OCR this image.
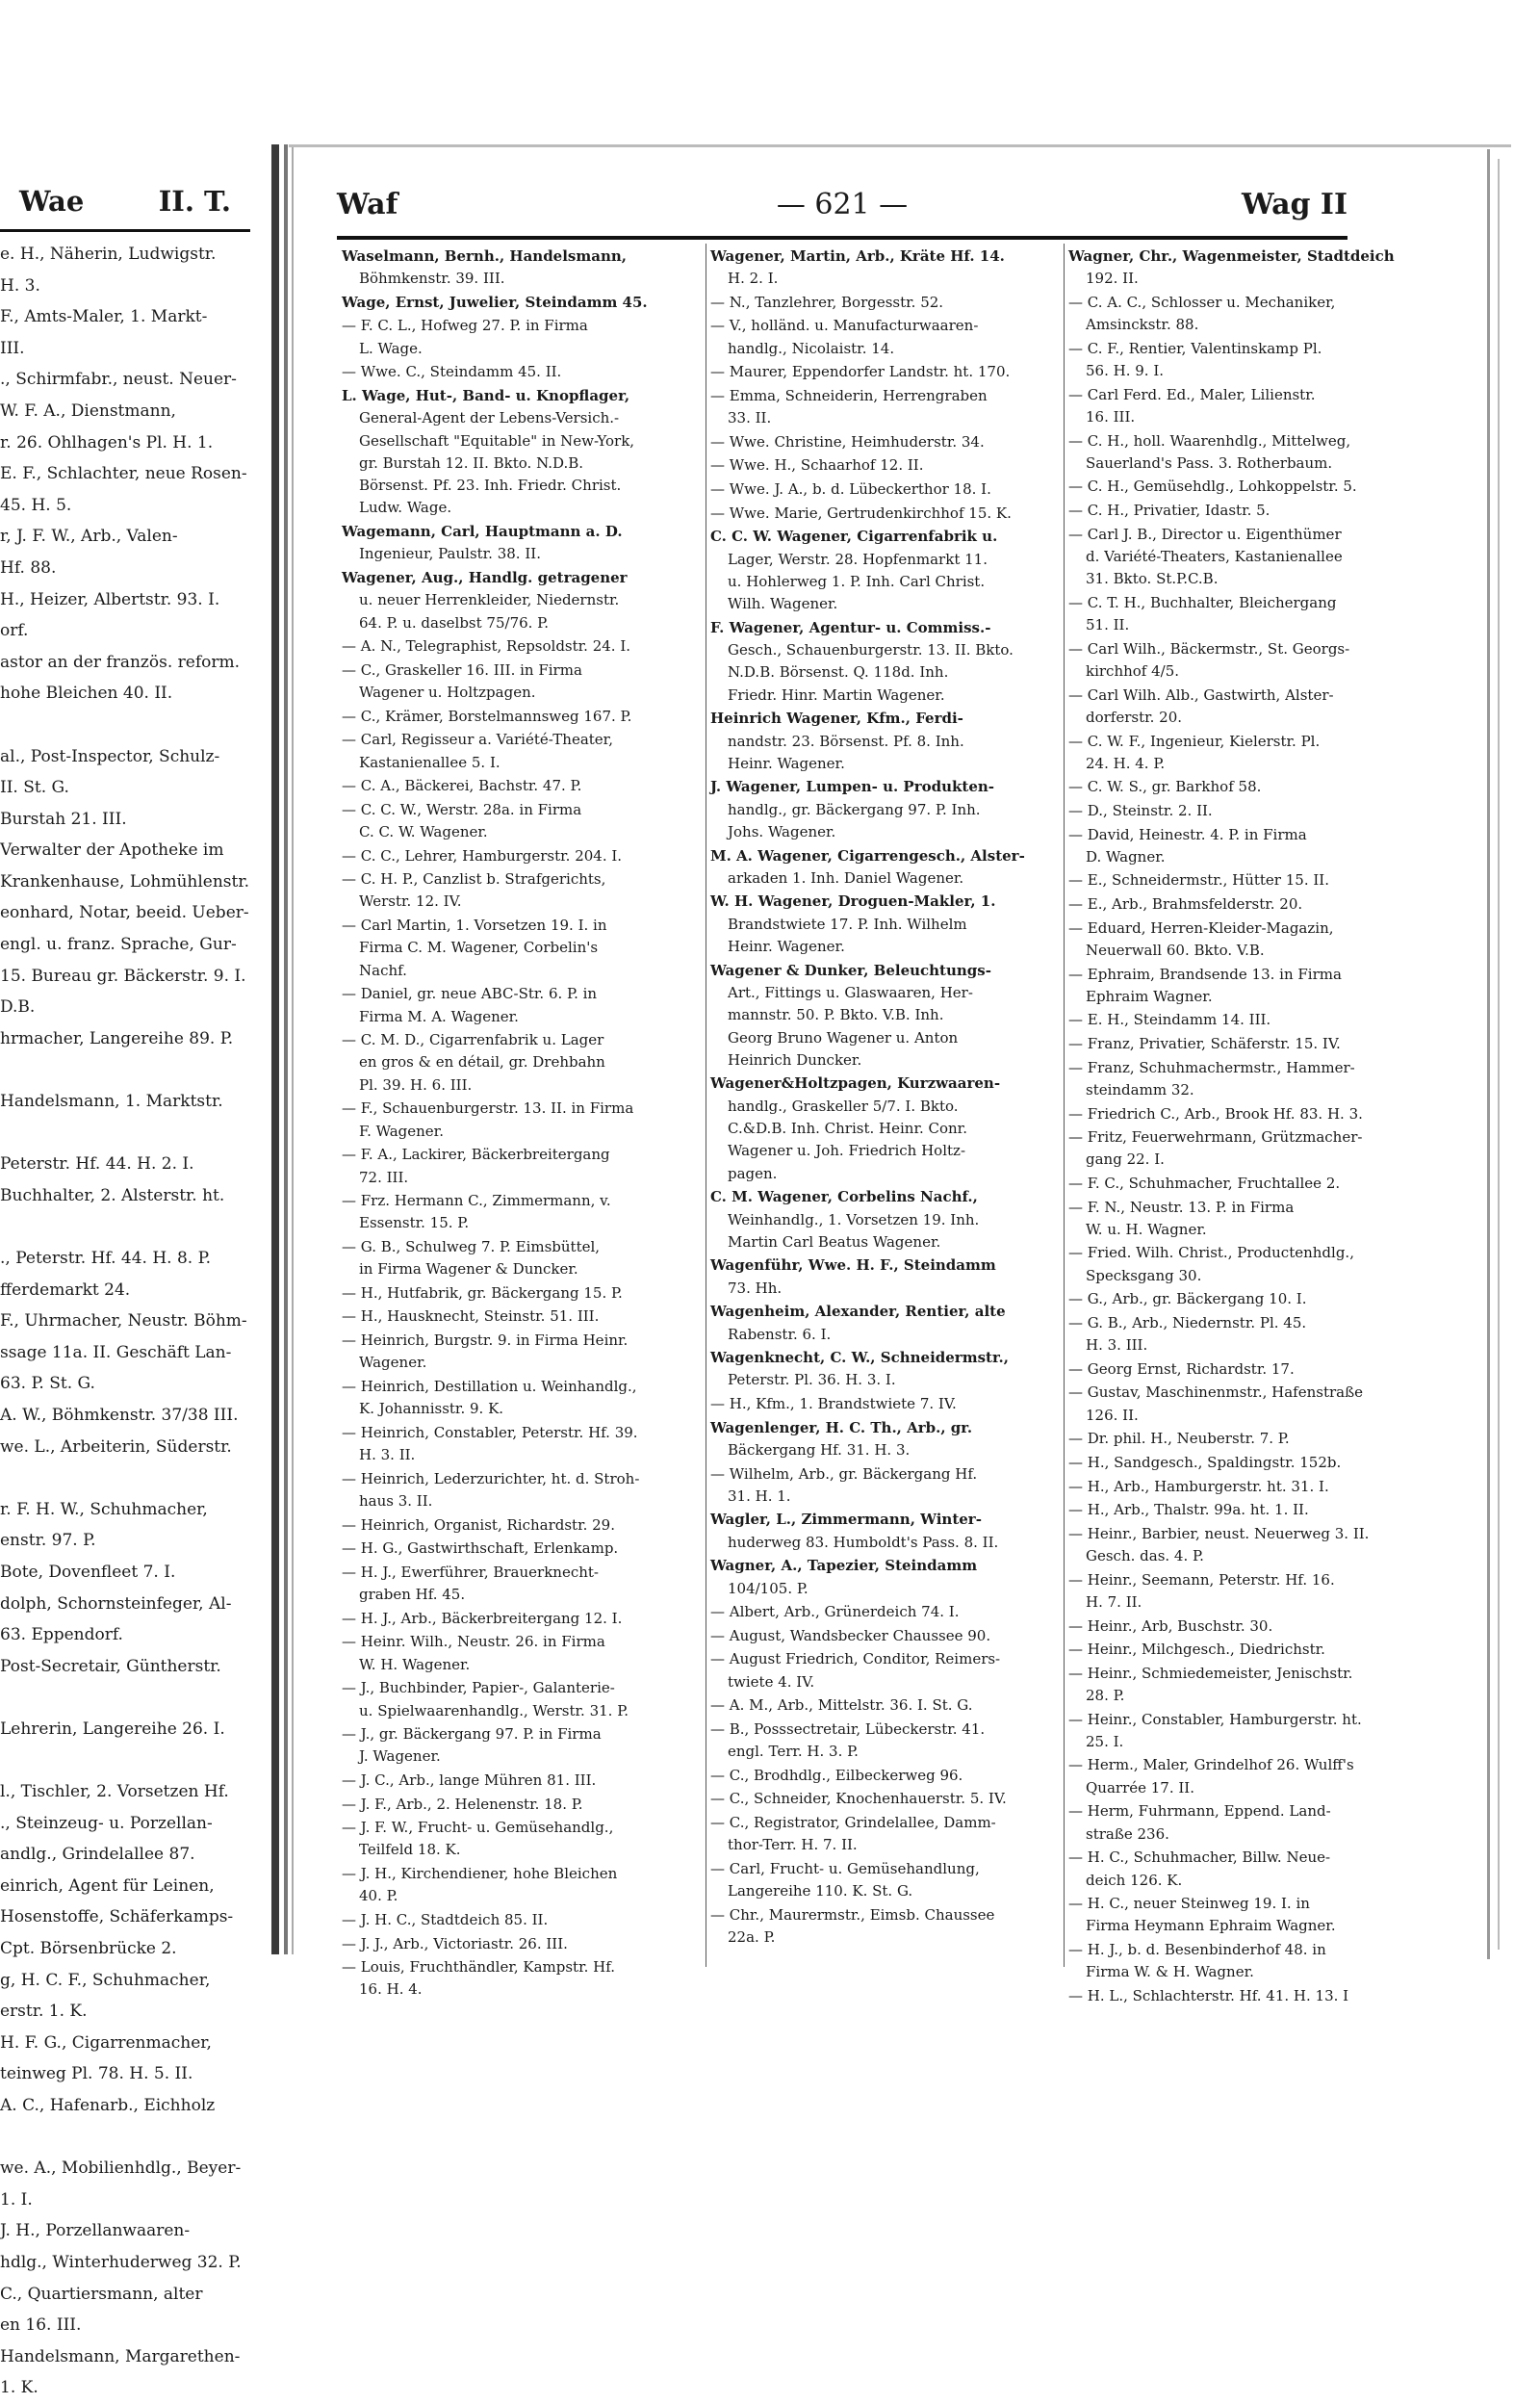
Wae	II. T.
e. H., Näherin, Ludwigstr.
H. 3.
F., Amts-Maler, 1. Markt-
III.
., Schirmfabr., neust. Neuer-
W. F. A., Dienstmann,
r. 26. Ohlhagen's Pl. H. 1.
E. F., Schlachter, neue Rosen-
45. H. 5.
r, J. F. W., Arb., Valen-
Hf. 88.
H., Heizer, Albertstr. 93. I.
orf.
astor an der französ. reform.
hohe Bleichen 40. II.
al., Post-Inspector, Schulz-
II. St. G.
Burstah 21. III.
Verwalter der Apotheke im
Krankenhause, Lohmühlenstr.
eonhard, Notar, beeid. Ueber-
engl. u. franz. Sprache, Gur-
15. Bureau gr. Bäckerstr. 9. I.
D.B.
hrmacher, Langereihe 89. P.
Handelsmann, 1. Marktstr.
Peterstr. Hf. 44. H. 2. I.
Buchhalter, 2. Alsterstr. ht.
., Peterstr. Hf. 44. H. 8. P.
fferdemarkt 24.
F., Uhrmacher, Neustr. Böhm-
ssage 11a. II. Geschäft Lan-
63. P. St. G.
A. W., Böhmkenstr. 37/38 III.
we. L., Arbeiterin, Süderstr.
r. F. H. W., Schuhmacher,
enstr. 97. P.
Bote, Dovenfleet 7. I.
dolph, Schornsteinfeger, Al-
63. Eppendorf.
Post-Secretair, Güntherstr.
Lehrerin, Langereihe 26. I.
l., Tischler, 2. Vorsetzen Hf.
., Steinzeug- u. Porzellan-
andlg., Grindelallee 87.
einrich, Agent für Leinen,
Hosenstoffe, Schäferkamps-
Cpt. Börsenbrücke 2.
g, H. C. F., Schuhmacher,
erstr. 1. K.
H. F. G., Cigarrenmacher,
teinweg Pl. 78. H. 5. II.
A. C., Hafenarb., Eichholz
we. A., Mobilienhdlg., Beyer-
1. I.
J. H., Porzellanwaaren-
hdlg., Winterhuderweg 32. P.
C., Quartiersmann, alter
en 16. III.
Handelsmann, Margarethen-
1. K.
Waf	— 621 —	Wag II
Waselmann, Bernh., Handelsmann,
Böhmkenstr. 39. III.
Wage, Ernst, Juwelier, Steindamm 45.
— F. C. L., Hofweg 27. P. in Firma
L. Wage.
— Wwe. C., Steindamm 45. II.
L. Wage, Hut-, Band- u. Knopflager,
General-Agent der Lebens-Versich.-
Gesellschaft "Equitable" in New-York,
gr. Burstah 12. II. Bkto. N.D.B.
Börsenst. Pf. 23. Inh. Friedr. Christ.
Ludw. Wage.
Wagemann, Carl, Hauptmann a. D.
Ingenieur, Paulstr. 38. II.
Wagener, Aug., Handlg. getragener
u. neuer Herrenkleider, Niedernstr.
64. P. u. daselbst 75/76. P.
— A. N., Telegraphist, Repsoldstr. 24. I.
— C., Graskeller 16. III. in Firma
Wagener u. Holtzpagen.
— C., Krämer, Borstelmannsweg 167. P.
— Carl, Regisseur a. Variété-Theater,
Kastanienallee 5. I.
— C. A., Bäckerei, Bachstr. 47. P.
— C. C. W., Werstr. 28a. in Firma
C. C. W. Wagener.
— C. C., Lehrer, Hamburgerstr. 204. I.
— C. H. P., Canzlist b. Strafgerichts,
Werstr. 12. IV.
— Carl Martin, 1. Vorsetzen 19. I. in
Firma C. M. Wagener, Corbelin's
Nachf.
— Daniel, gr. neue ABC-Str. 6. P. in
Firma M. A. Wagener.
— C. M. D., Cigarrenfabrik u. Lager
en gros & en détail, gr. Drehbahn
Pl. 39. H. 6. III.
— F., Schauenburgerstr. 13. II. in Firma
F. Wagener.
— F. A., Lackirer, Bäckerbreitergang
72. III.
— Frz. Hermann C., Zimmermann, v.
Essenstr. 15. P.
— G. B., Schulweg 7. P. Eimsbüttel,
in Firma Wagener & Duncker.
— H., Hutfabrik, gr. Bäckergang 15. P.
— H., Hausknecht, Steinstr. 51. III.
— Heinrich, Burgstr. 9. in Firma Heinr.
Wagener.
— Heinrich, Destillation u. Weinhandlg.,
K. Johannisstr. 9. K.
— Heinrich, Constabler, Peterstr. Hf. 39.
H. 3. II.
— Heinrich, Lederzurichter, ht. d. Stroh-
haus 3. II.
— Heinrich, Organist, Richardstr. 29.
— H. G., Gastwirthschaft, Erlenkamp.
— H. J., Ewerführer, Brauerknecht-
graben Hf. 45.
— H. J., Arb., Bäckerbreitergang 12. I.
— Heinr. Wilh., Neustr. 26. in Firma
W. H. Wagener.
— J., Buchbinder, Papier-, Galanterie-
u. Spielwaarenhandlg., Werstr. 31. P.
— J., gr. Bäckergang 97. P. in Firma
J. Wagener.
— J. C., Arb., lange Mühren 81. III.
— J. F., Arb., 2. Helenenstr. 18. P.
— J. F. W., Frucht- u. Gemüsehandlg.,
Teilfeld 18. K.
— J. H., Kirchendiener, hohe Bleichen
40. P.
— J. H. C., Stadtdeich 85. II.
— J. J., Arb., Victoriastr. 26. III.
— Louis, Fruchthändler, Kampstr. Hf.
16. H. 4.
Wagener, Martin, Arb., Kräte Hf. 14.
H. 2. I.
— N., Tanzlehrer, Borgesstr. 52.
— V., holländ. u. Manufacturwaaren-
handlg., Nicolaistr. 14.
— Maurer, Eppendorfer Landstr. ht. 170.
— Emma, Schneiderin, Herrengraben
33. II.
— Wwe. Christine, Heimhuderstr. 34.
— Wwe. H., Schaarhof 12. II.
— Wwe. J. A., b. d. Lübeckerthor 18. I.
— Wwe. Marie, Gertrudenkirchhof 15. K.
C. C. W. Wagener, Cigarrenfabrik u.
Lager, Werstr. 28. Hopfenmarkt 11.
u. Hohlerweg 1. P. Inh. Carl Christ.
Wilh. Wagener.
F. Wagener, Agentur- u. Commiss.-
Gesch., Schauenburgerstr. 13. II. Bkto.
N.D.B. Börsenst. Q. 118d. Inh.
Friedr. Hinr. Martin Wagener.
Heinrich Wagener, Kfm., Ferdi-
nandstr. 23. Börsenst. Pf. 8. Inh.
Heinr. Wagener.
J. Wagener, Lumpen- u. Produkten-
handlg., gr. Bäckergang 97. P. Inh.
Johs. Wagener.
M. A. Wagener, Cigarrengesch., Alster-
arkaden 1. Inh. Daniel Wagener.
W. H. Wagener, Droguen-Makler, 1.
Brandstwiete 17. P. Inh. Wilhelm
Heinr. Wagener.
Wagener & Dunker, Beleuchtungs-
Art., Fittings u. Glaswaaren, Her-
mannstr. 50. P. Bkto. V.B. Inh.
Georg Bruno Wagener u. Anton
Heinrich Duncker.
Wagener&Holtzpagen, Kurzwaaren-
handlg., Graskeller 5/7. I. Bkto.
C.&D.B. Inh. Christ. Heinr. Conr.
Wagener u. Joh. Friedrich Holtz-
pagen.
C. M. Wagener, Corbelins Nachf.,
Weinhandlg., 1. Vorsetzen 19. Inh.
Martin Carl Beatus Wagener.
Wagenführ, Wwe. H. F., Steindamm
73. Hh.
Wagenheim, Alexander, Rentier, alte
Rabenstr. 6. I.
Wagenknecht, C. W., Schneidermstr.,
Peterstr. Pl. 36. H. 3. I.
— H., Kfm., 1. Brandstwiete 7. IV.
Wagenlenger, H. C. Th., Arb., gr.
Bäckergang Hf. 31. H. 3.
— Wilhelm, Arb., gr. Bäckergang Hf.
31. H. 1.
Wagler, L., Zimmermann, Winter-
huderweg 83. Humboldt's Pass. 8. II.
Wagner, A., Tapezier, Steindamm
104/105. P.
— Albert, Arb., Grünerdeich 74. I.
— August, Wandsbecker Chaussee 90.
— August Friedrich, Conditor, Reimers-
twiete 4. IV.
— A. M., Arb., Mittelstr. 36. I. St. G.
— B., Posssectretair, Lübeckerstr. 41.
engl. Terr. H. 3. P.
— C., Brodhdlg., Eilbeckerweg 96.
— C., Schneider, Knochenhauerstr. 5. IV.
— C., Registrator, Grindelallee, Damm-
thor-Terr. H. 7. II.
— Carl, Frucht- u. Gemüsehandlung,
Langereihe 110. K. St. G.
— Chr., Maurermstr., Eimsb. Chaussee
22a. P.
Wagner, Chr., Wagenmeister, Stadtdeich
192. II.
— C. A. C., Schlosser u. Mechaniker,
Amsinckstr. 88.
— C. F., Rentier, Valentinskamp Pl.
56. H. 9. I.
— Carl Ferd. Ed., Maler, Lilienstr.
16. III.
— C. H., holl. Waarenhdlg., Mittelweg,
Sauerland's Pass. 3. Rotherbaum.
— C. H., Gemüsehdlg., Lohkoppelstr. 5.
— C. H., Privatier, Idastr. 5.
— Carl J. B., Director u. Eigenthümer
d. Variété-Theaters, Kastanienallee
31. Bkto. St.P.C.B.
— C. T. H., Buchhalter, Bleichergang
51. II.
— Carl Wilh., Bäckermstr., St. Georgs-
kirchhof 4/5.
— Carl Wilh. Alb., Gastwirth, Alster-
dorferstr. 20.
— C. W. F., Ingenieur, Kielerstr. Pl.
24. H. 4. P.
— C. W. S., gr. Barkhof 58.
— D., Steinstr. 2. II.
— David, Heinestr. 4. P. in Firma
D. Wagner.
— E., Schneidermstr., Hütter 15. II.
— E., Arb., Brahmsfelderstr. 20.
— Eduard, Herren-Kleider-Magazin,
Neuerwall 60. Bkto. V.B.
— Ephraim, Brandsende 13. in Firma
Ephraim Wagner.
— E. H., Steindamm 14. III.
— Franz, Privatier, Schäferstr. 15. IV.
— Franz, Schuhmachermstr., Hammer-
steindamm 32.
— Friedrich C., Arb., Brook Hf. 83. H. 3.
— Fritz, Feuerwehrmann, Grützmacher-
gang 22. I.
— F. C., Schuhmacher, Fruchtallee 2.
— F. N., Neustr. 13. P. in Firma
W. u. H. Wagner.
— Fried. Wilh. Christ., Productenhdlg.,
Specksgang 30.
— G., Arb., gr. Bäckergang 10. I.
— G. B., Arb., Niedernstr. Pl. 45.
H. 3. III.
— Georg Ernst, Richardstr. 17.
— Gustav, Maschinenmstr., Hafenstraße
126. II.
— Dr. phil. H., Neuberstr. 7. P.
— H., Sandgesch., Spaldingstr. 152b.
— H., Arb., Hamburgerstr. ht. 31. I.
— H., Arb., Thalstr. 99a. ht. 1. II.
— Heinr., Barbier, neust. Neuerweg 3. II.
Gesch. das. 4. P.
— Heinr., Seemann, Peterstr. Hf. 16.
H. 7. II.
— Heinr., Arb, Buschstr. 30.
— Heinr., Milchgesch., Diedrichstr.
— Heinr., Schmiedemeister, Jenischstr.
28. P.
— Heinr., Constabler, Hamburgerstr. ht.
25. I.
— Herm., Maler, Grindelhof 26. Wulff's
Quarrée 17. II.
— Herm, Fuhrmann, Eppend. Land-
straße 236.
— H. C., Schuhmacher, Billw. Neue-
deich 126. K.
— H. C., neuer Steinweg 19. I. in
Firma Heymann Ephraim Wagner.
— H. J., b. d. Besenbinderhof 48. in
Firma W. & H. Wagner.
— H. L., Schlachterstr. Hf. 41. H. 13. I
